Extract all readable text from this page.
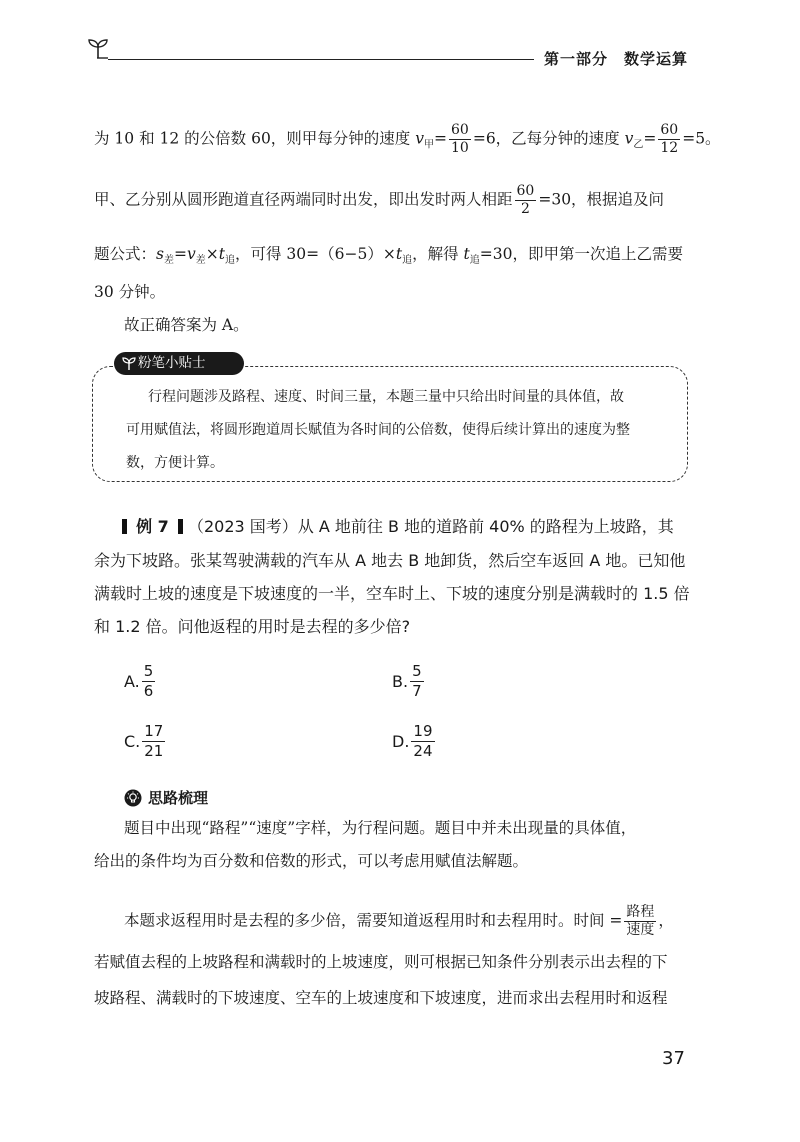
第一部分　数学运算
为 10 和 12 的公倍数 60，则甲每分钟的速度 $v_甲= \frac{60}{10} =6$，乙每分钟的速度 $v_乙= \frac{60}{12} =5$。
甲、乙分别从圆形跑道直径两端同时出发，即出发时两人相距 $\frac{60}{2} =30$，根据追及问
题公式：$s_差=v_差\times t_追$，可得 $30=(6-5)\times t_追$，解得 $t_追=30$，即甲第一次追上乙需要
30 分钟。
故正确答案为 A。
粉笔小贴士
行程问题涉及路程、速度、时间三量，本题三量中只给出时间量的具体值，故
可用赋值法，将圆形跑道周长赋值为各时间的公倍数，使得后续计算出的速度为整
数，方便计算。
例 7 （2023 国考）从 A 地前往 B 地的道路前 40% 的路程为上坡路，其
余为下坡路。张某驾驶满载的汽车从 A 地去 B 地卸货，然后空车返回 A 地。已知他
满载时上坡的速度是下坡速度的一半，空车时上、下坡的速度分别是满载时的 1.5 倍
和 1.2 倍。问他返程的用时是去程的多少倍?
A. $\frac{5}{6}$	B. $\frac{5}{7}$
C. $\frac{17}{21}$	D. $\frac{19}{24}$
思路梳理
题目中出现“路程”“速度”字样，为行程问题。题目中并未出现量的具体值，
给出的条件均为百分数和倍数的形式，可以考虑用赋值法解题。
本题求返程用时是去程的多少倍，需要知道返程用时和去程用时。时间 = $\frac{\text{路程}}{\text{速度}}$ ，
若赋值去程的上坡路程和满载时的上坡速度，则可根据已知条件分别表示出去程的下
坡路程、满载时的下坡速度、空车的上坡速度和下坡速度，进而求出去程用时和返程
37
